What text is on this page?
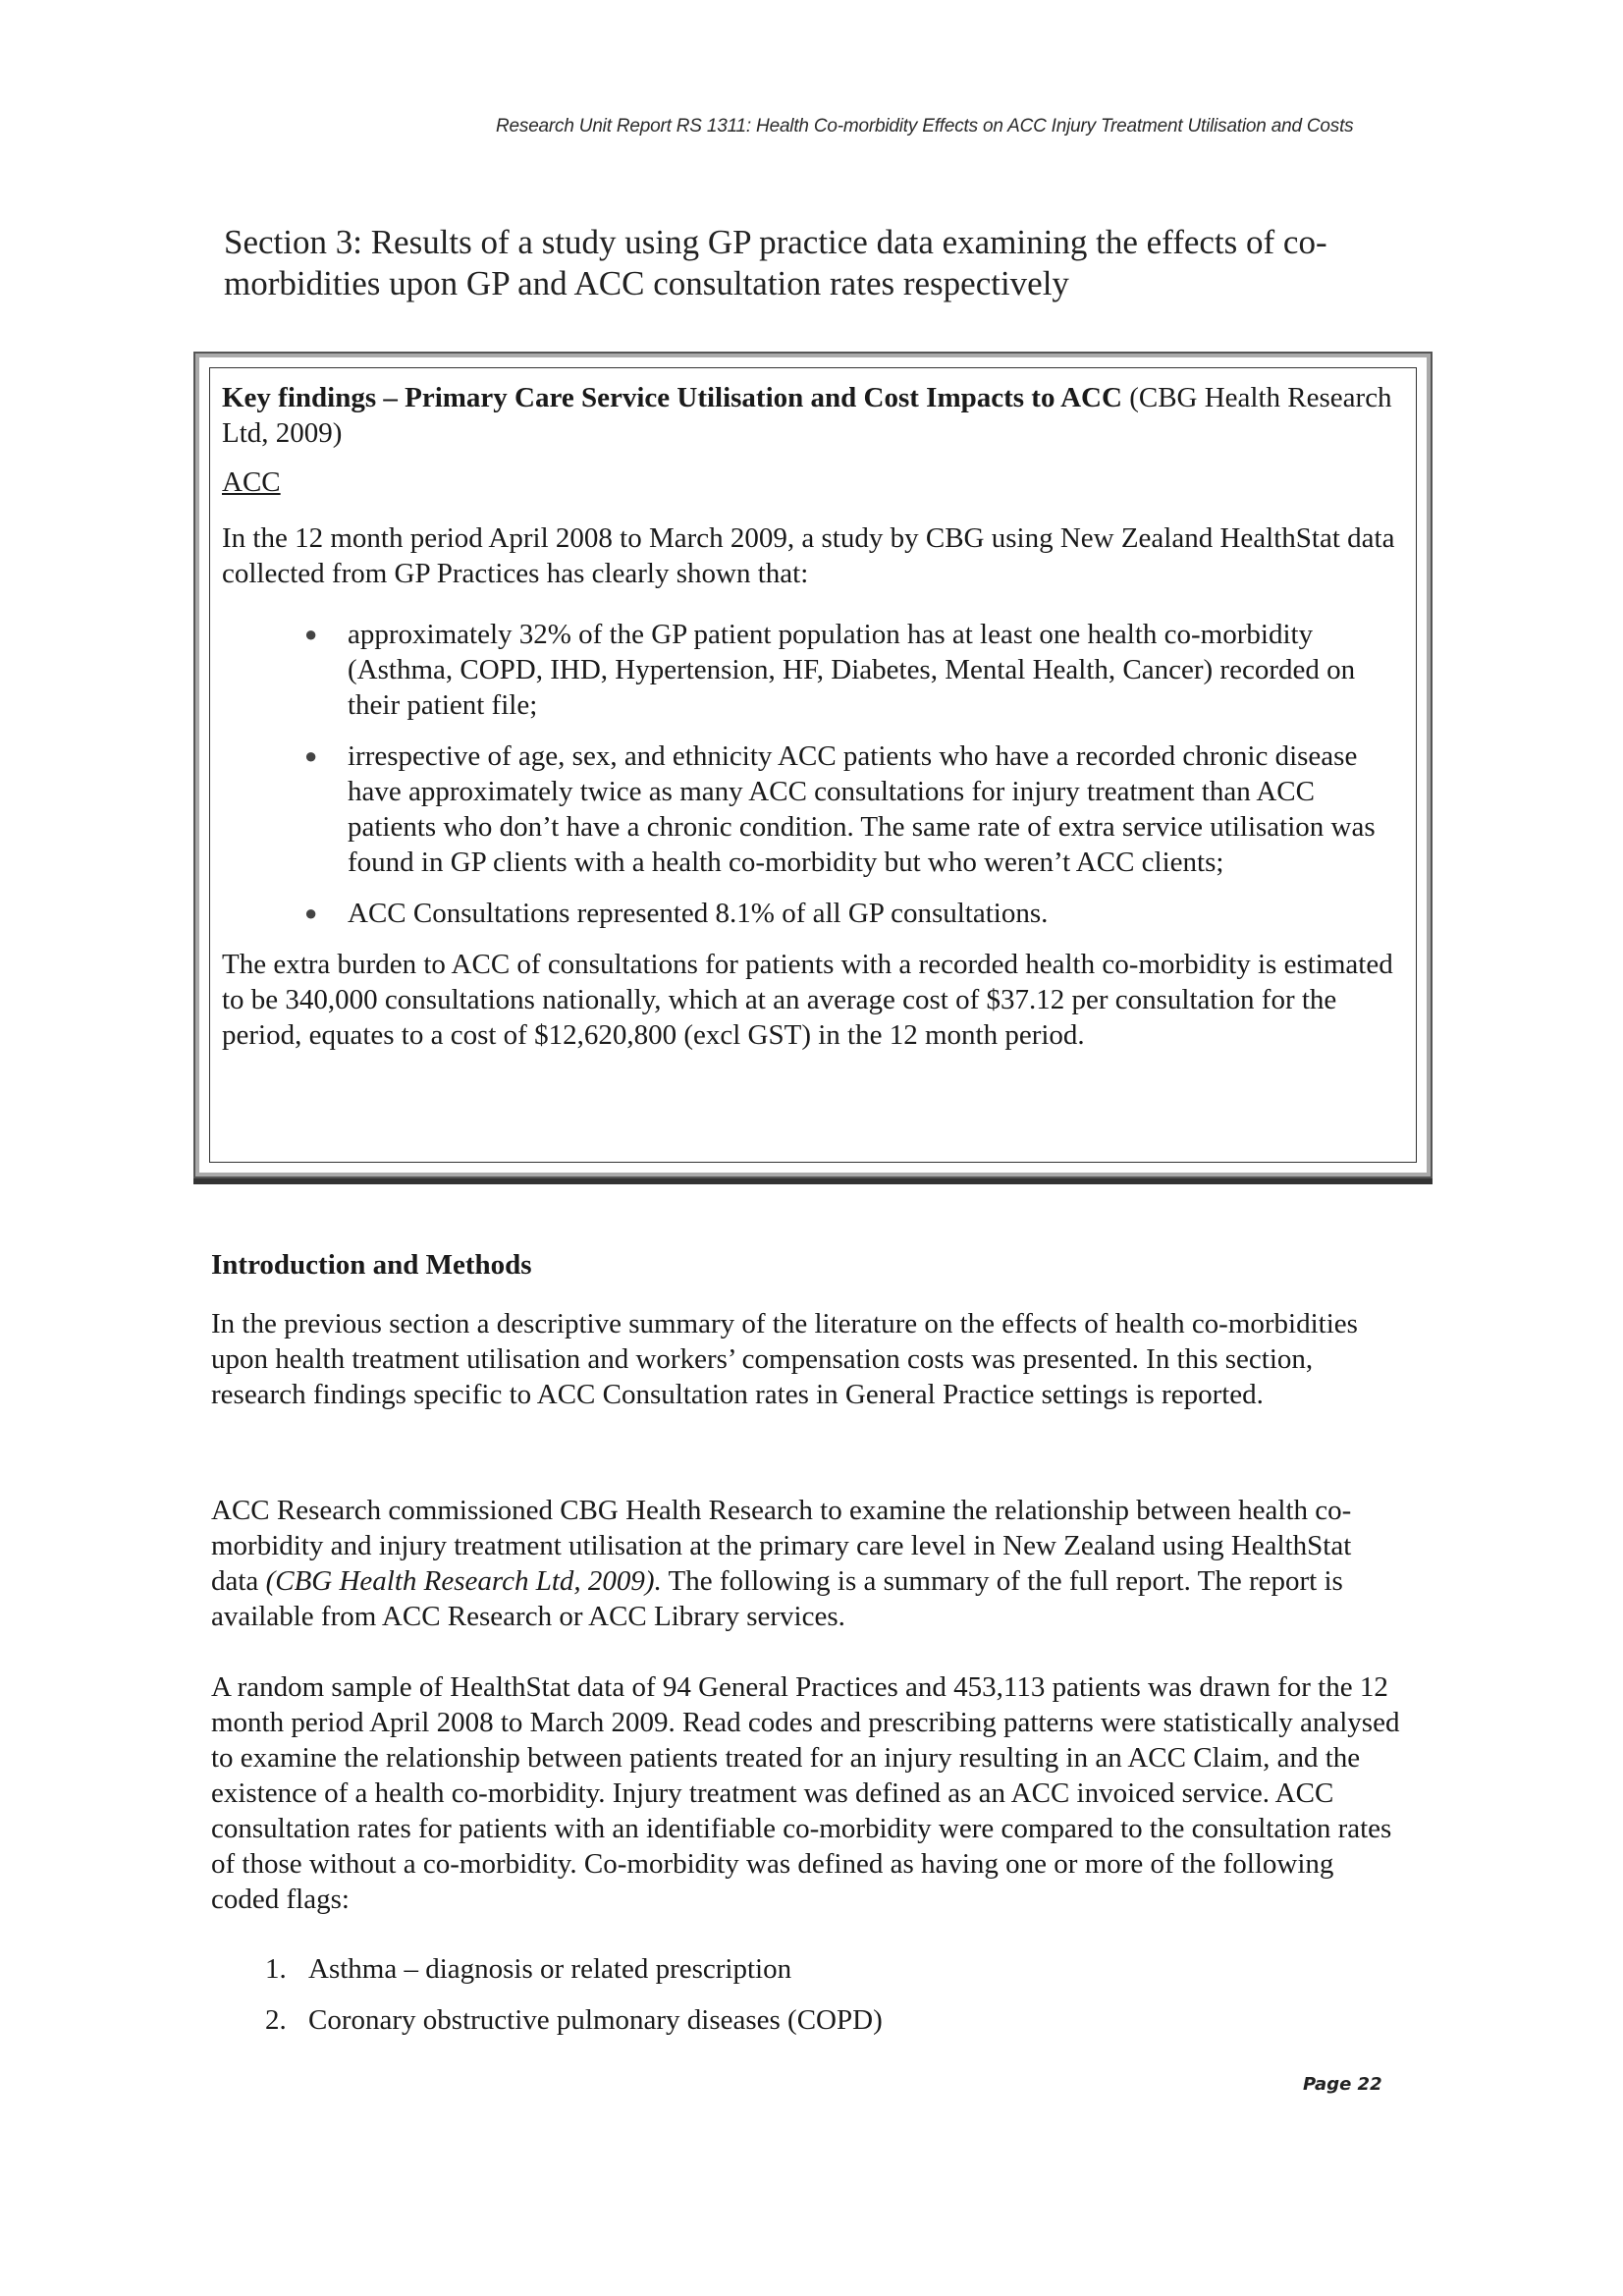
Research Unit Report RS 1311: Health Co-morbidity Effects on ACC Injury Treatment Utilisation and Costs
Section 3: Results of a study using GP practice data examining the effects of co-morbidities upon GP and ACC consultation rates respectively
Key findings – Primary Care Service Utilisation and Cost Impacts to ACC (CBG Health Research Ltd, 2009)
ACC
In the 12 month period April 2008 to March 2009, a study by CBG using New Zealand HealthStat data collected from GP Practices has clearly shown that:
● approximately 32% of the GP patient population has at least one health co-morbidity (Asthma, COPD, IHD, Hypertension, HF, Diabetes, Mental Health, Cancer) recorded on their patient file;
● irrespective of age, sex, and ethnicity ACC patients who have a recorded chronic disease have approximately twice as many ACC consultations for injury treatment than ACC patients who don’t have a chronic condition. The same rate of extra service utilisation was found in GP clients with a health co-morbidity but who weren’t ACC clients;
● ACC Consultations represented 8.1% of all GP consultations.
The extra burden to ACC of consultations for patients with a recorded health co-morbidity is estimated to be 340,000 consultations nationally, which at an average cost of $37.12 per consultation for the period, equates to a cost of $12,620,800 (excl GST) in the 12 month period.
Introduction and Methods
In the previous section a descriptive summary of the literature on the effects of health co-morbidities upon health treatment utilisation and workers’ compensation costs was presented. In this section, research findings specific to ACC Consultation rates in General Practice settings is reported.
ACC Research commissioned CBG Health Research to examine the relationship between health co-morbidity and injury treatment utilisation at the primary care level in New Zealand using HealthStat data (CBG Health Research Ltd, 2009). The following is a summary of the full report. The report is available from ACC Research or ACC Library services.
A random sample of HealthStat data of 94 General Practices and 453,113 patients was drawn for the 12 month period April 2008 to March 2009. Read codes and prescribing patterns were statistically analysed to examine the relationship between patients treated for an injury resulting in an ACC Claim, and the existence of a health co-morbidity. Injury treatment was defined as an ACC invoiced service. ACC consultation rates for patients with an identifiable co-morbidity were compared to the consultation rates of those without a co-morbidity. Co-morbidity was defined as having one or more of the following coded flags:
1. Asthma – diagnosis or related prescription
2. Coronary obstructive pulmonary diseases (COPD)
Page 22
